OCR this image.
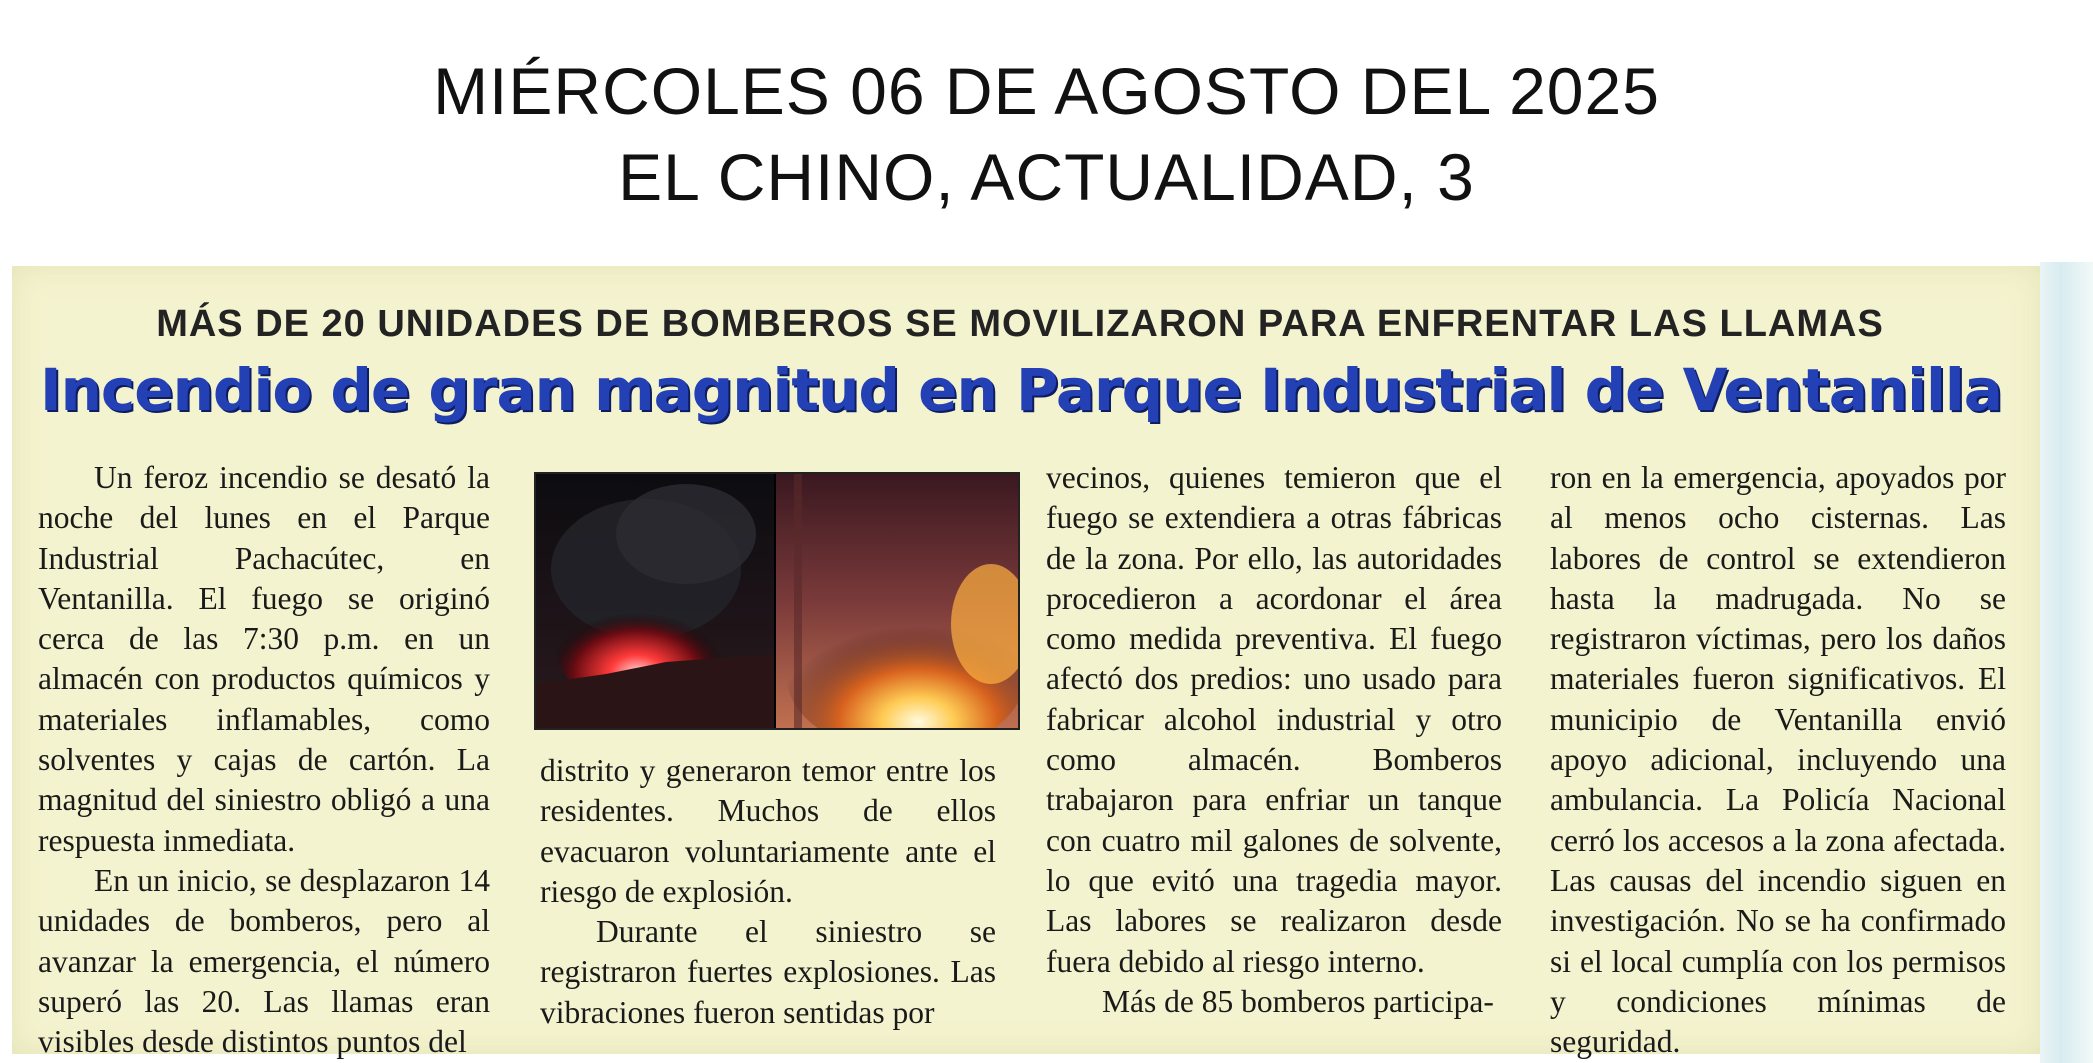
MIÉRCOLES 06 DE AGOSTO DEL 2025
EL CHINO, ACTUALIDAD, 3
MÁS DE 20 UNIDADES DE BOMBEROS SE MOVILIZARON PARA ENFRENTAR LAS LLAMAS
Incendio de gran magnitud en Parque Industrial de Ventanilla

Un feroz incendio se desató la noche del lunes en el Parque Industrial Pachacútec, en Ventanilla. El fuego se originó cerca de las 7:30 p.m. en un almacén con productos químicos y materiales inflamables, como solventes y cajas de cartón. La magnitud del siniestro obligó a una respuesta inmediata.

En un inicio, se desplazaron 14 unidades de bomberos, pero al avanzar la emergencia, el número superó las 20. Las llamas eran visibles desde distintos puntos del

distrito y generaron temor entre los residentes. Muchos de ellos evacuaron voluntariamente ante el riesgo de explosión.

Durante el siniestro se registraron fuertes explosiones. Las vibraciones fueron sentidas por

vecinos, quienes temieron que el fuego se extendiera a otras fábricas de la zona. Por ello, las autoridades procedieron a acordonar el área como medida preventiva. El fuego afectó dos predios: uno usado para fabricar alcohol industrial y otro como almacén. Bomberos trabajaron para enfriar un tanque con cuatro mil galones de solvente, lo que evitó una tragedia mayor. Las labores se realizaron desde fuera debido al riesgo interno.

Más de 85 bomberos participa-

ron en la emergencia, apoyados por al menos ocho cisternas. Las labores de control se extendieron hasta la madrugada. No se registraron víctimas, pero los daños materiales fueron significativos. El municipio de Ventanilla envió apoyo adicional, incluyendo una ambulancia. La Policía Nacional cerró los accesos a la zona afectada. Las causas del incendio siguen en investigación. No se ha confirmado si el local cumplía con los permisos y condiciones mínimas de seguridad.
